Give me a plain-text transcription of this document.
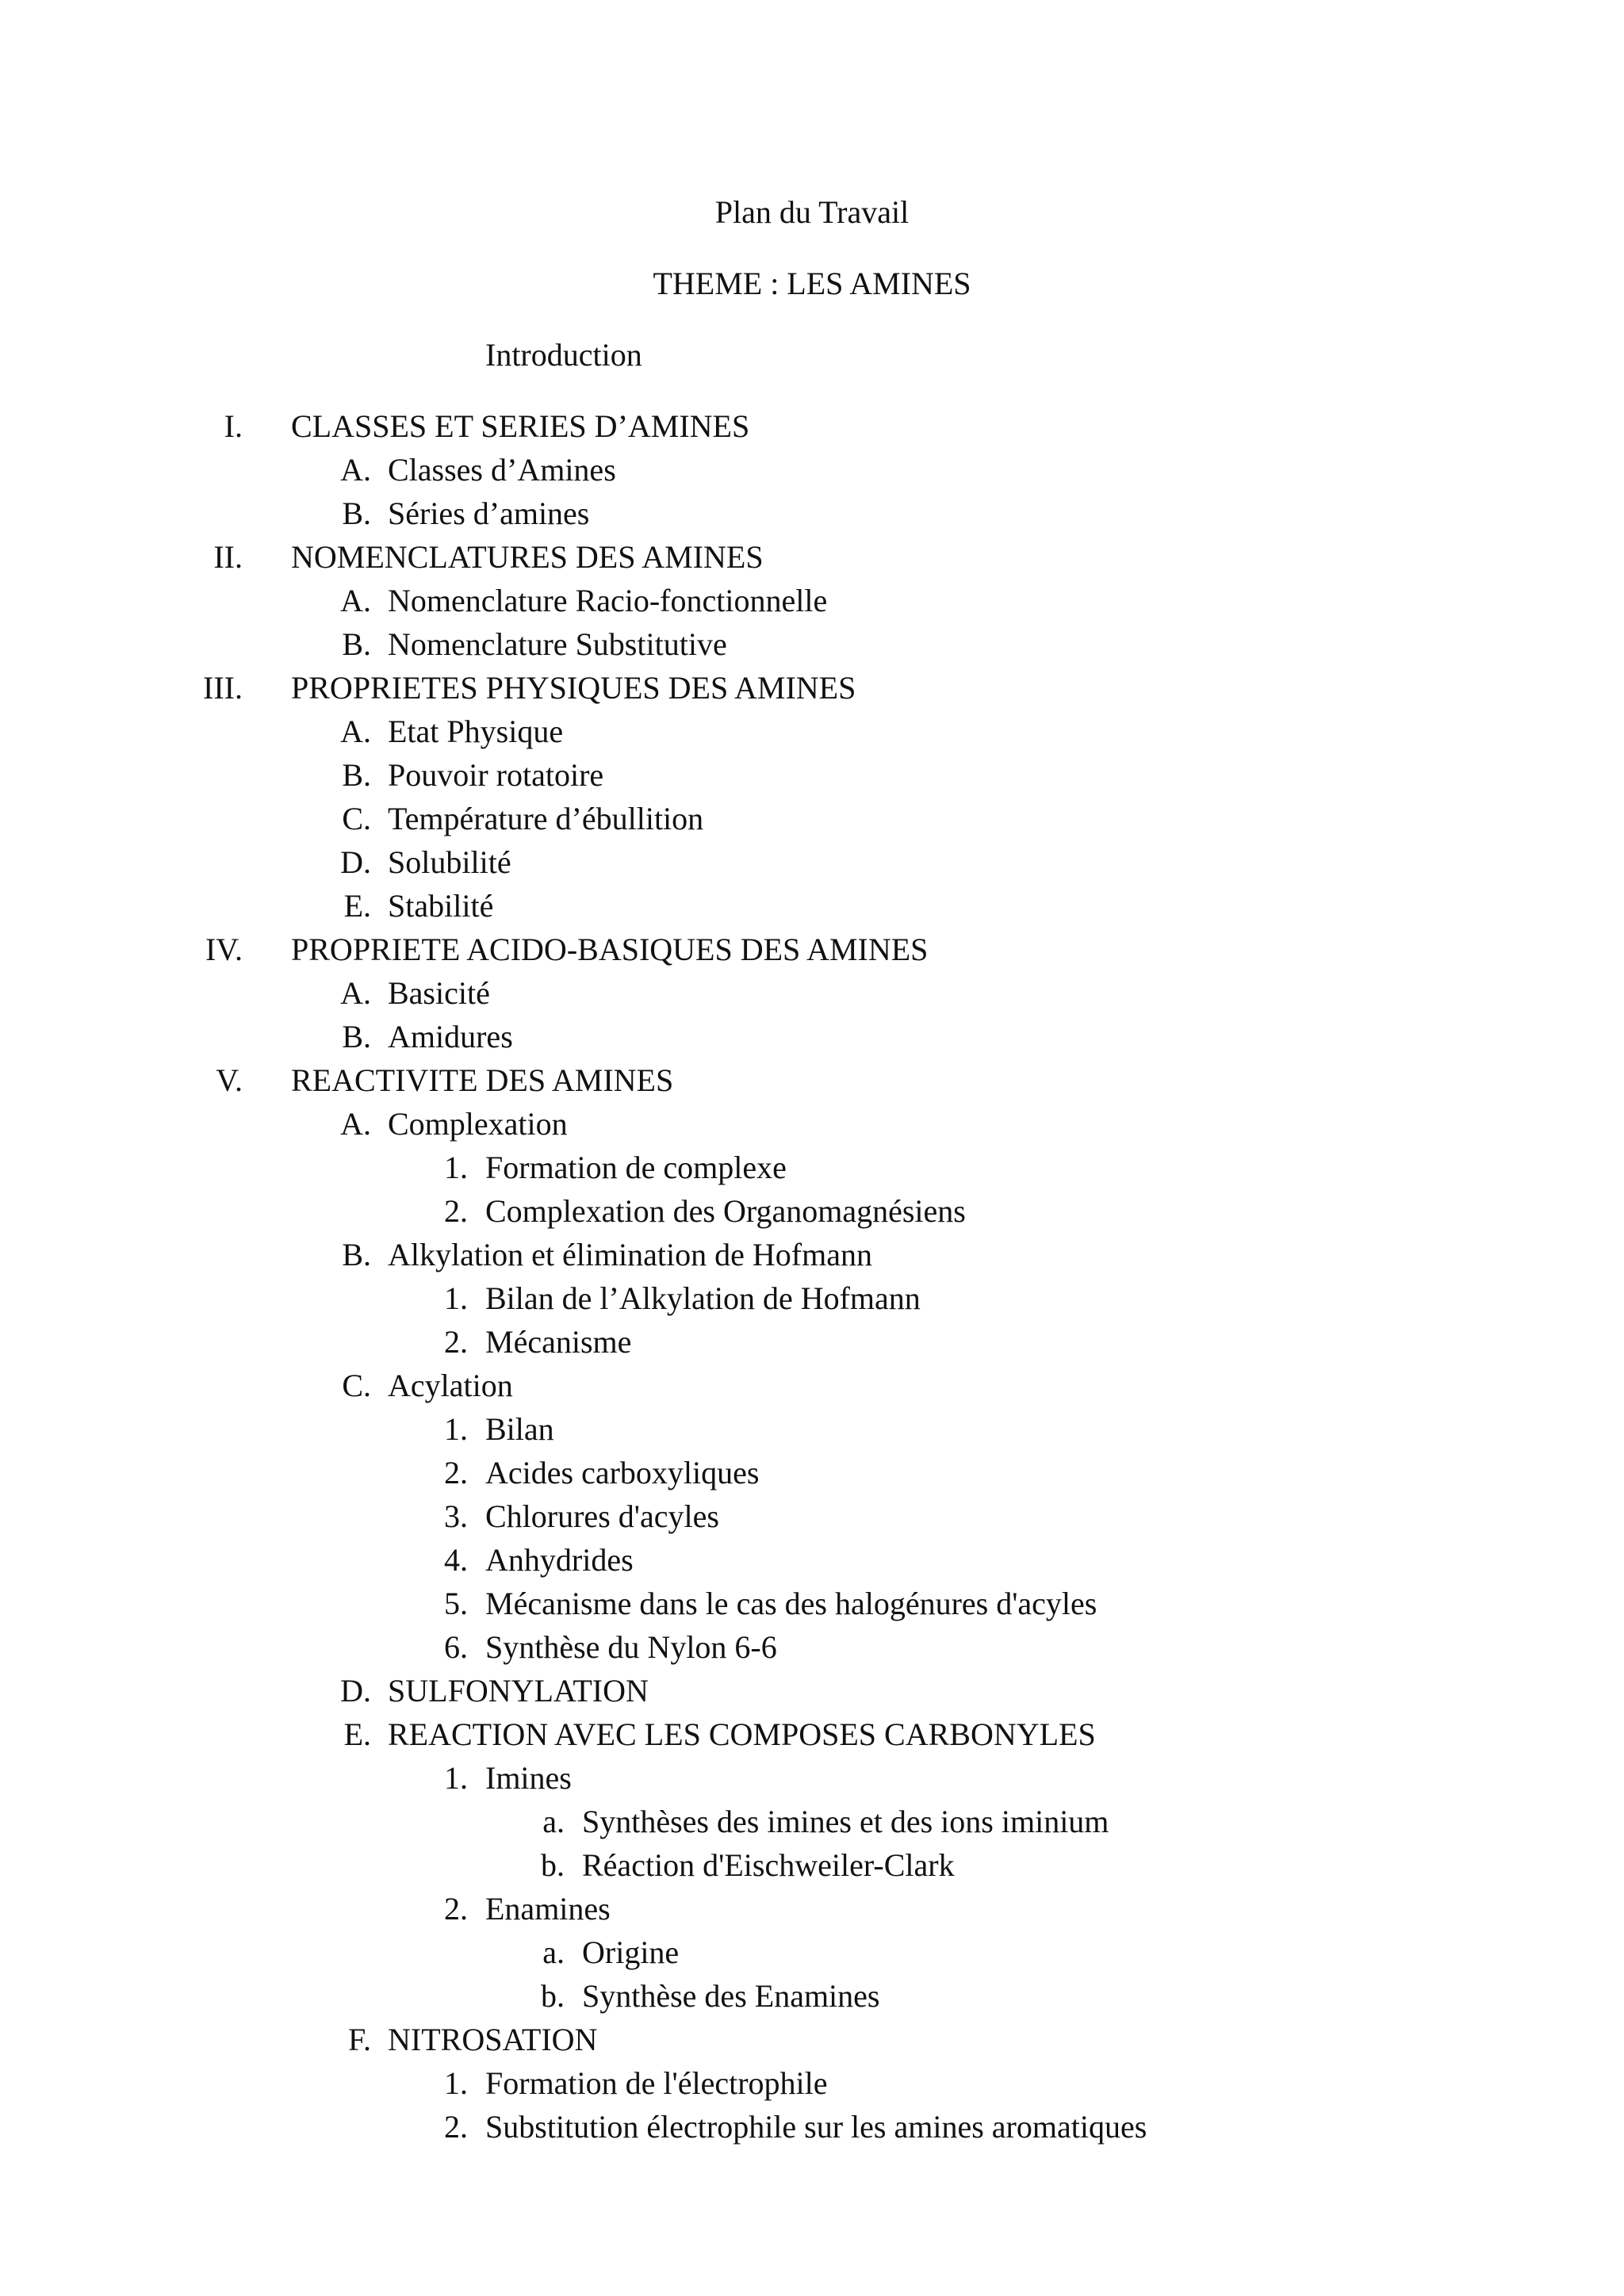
Plan du Travail
THEME : LES AMINES
Introduction
I. CLASSES ET SERIES D’AMINES
A. Classes d’Amines
B. Séries d’amines
II. NOMENCLATURES DES AMINES
A. Nomenclature Racio-fonctionnelle
B. Nomenclature Substitutive
III. PROPRIETES PHYSIQUES DES AMINES
A. Etat Physique
B. Pouvoir rotatoire
C. Température d’ébullition
D. Solubilité
E. Stabilité
IV. PROPRIETE ACIDO-BASIQUES DES AMINES
A. Basicité
B. Amidures
V. REACTIVITE DES AMINES
A. Complexation
1. Formation de complexe
2. Complexation des Organomagnésiens
B. Alkylation et élimination de Hofmann
1. Bilan de l’Alkylation de Hofmann
2. Mécanisme
C. Acylation
1. Bilan
2. Acides carboxyliques
3. Chlorures d'acyles
4. Anhydrides
5. Mécanisme dans le cas des halogénures d'acyles
6. Synthèse du Nylon 6-6
D. SULFONYLATION
E. REACTION AVEC LES COMPOSES CARBONYLES
1. Imines
a. Synthèses des imines et des ions iminium
b. Réaction d'Eischweiler-Clark
2. Enamines
a. Origine
b. Synthèse des Enamines
F. NITROSATION
1. Formation de l'électrophile
2. Substitution électrophile sur les amines aromatiques
